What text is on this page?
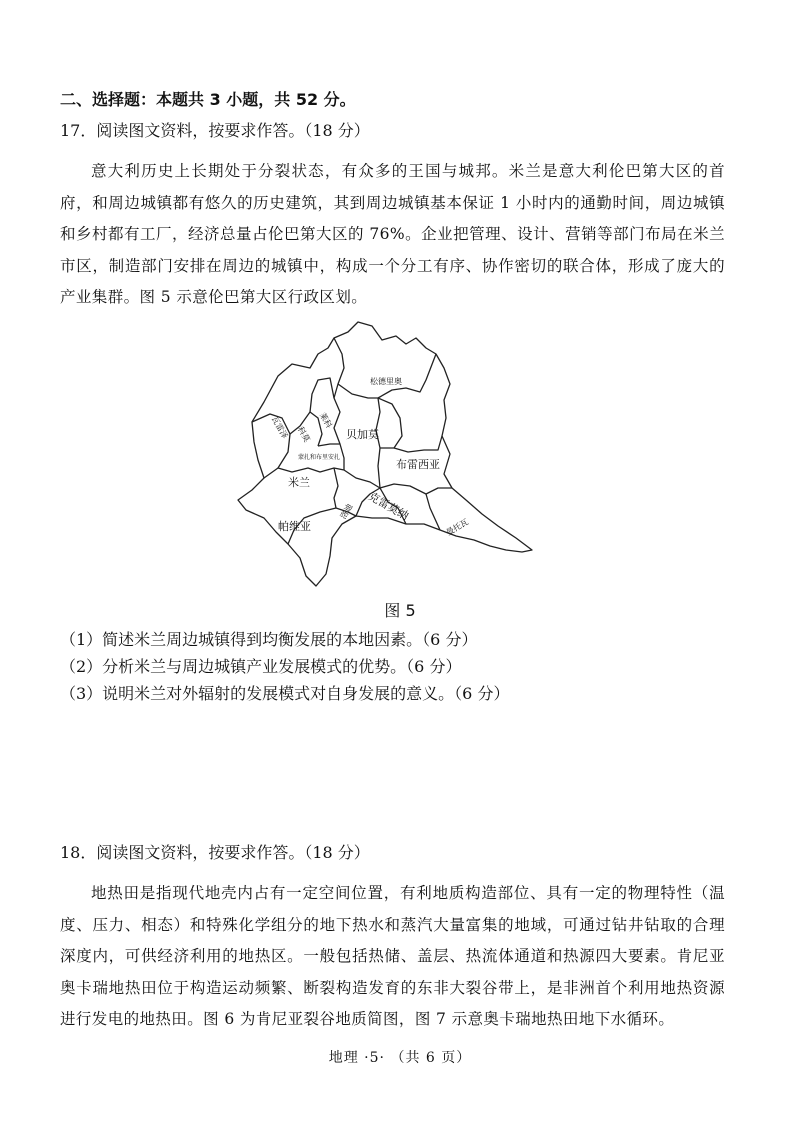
二、选择题：本题共 3 小题，共 52 分。
17．阅读图文资料，按要求作答。（18 分）
意大利历史上长期处于分裂状态，有众多的王国与城邦。米兰是意大利伦巴第大区的首府，和周边城镇都有悠久的历史建筑，其到周边城镇基本保证 1 小时内的通勤时间，周边城镇和乡村都有工厂，经济总量占伦巴第大区的 76%。企业把管理、设计、营销等部门布局在米兰市区，制造部门安排在周边的城镇中，构成一个分工有序、协作密切的联合体，形成了庞大的产业集群。图 5 示意伦巴第大区行政区划。
松德里奥
瓦雷泽 科莫
莱科
蒙扎和布里安扎
贝加莫
布雷西亚
米兰
帕维亚
洛迪 克雷莫纳
曼托瓦
图 5
（1）简述米兰周边城镇得到均衡发展的本地因素。（6 分）
（2）分析米兰与周边城镇产业发展模式的优势。（6 分）
（3）说明米兰对外辐射的发展模式对自身发展的意义。（6 分）
18．阅读图文资料，按要求作答。（18 分）
地热田是指现代地壳内占有一定空间位置，有利地质构造部位、具有一定的物理特性（温度、压力、相态）和特殊化学组分的地下热水和蒸汽大量富集的地域，可通过钻井钻取的合理深度内，可供经济利用的地热区。一般包括热储、盖层、热流体通道和热源四大要素。肯尼亚奥卡瑞地热田位于构造运动频繁、断裂构造发育的东非大裂谷带上，是非洲首个利用地热资源进行发电的地热田。图 6 为肯尼亚裂谷地质简图，图 7 示意奥卡瑞地热田地下水循环。
地理 ·5· （共 6 页）
